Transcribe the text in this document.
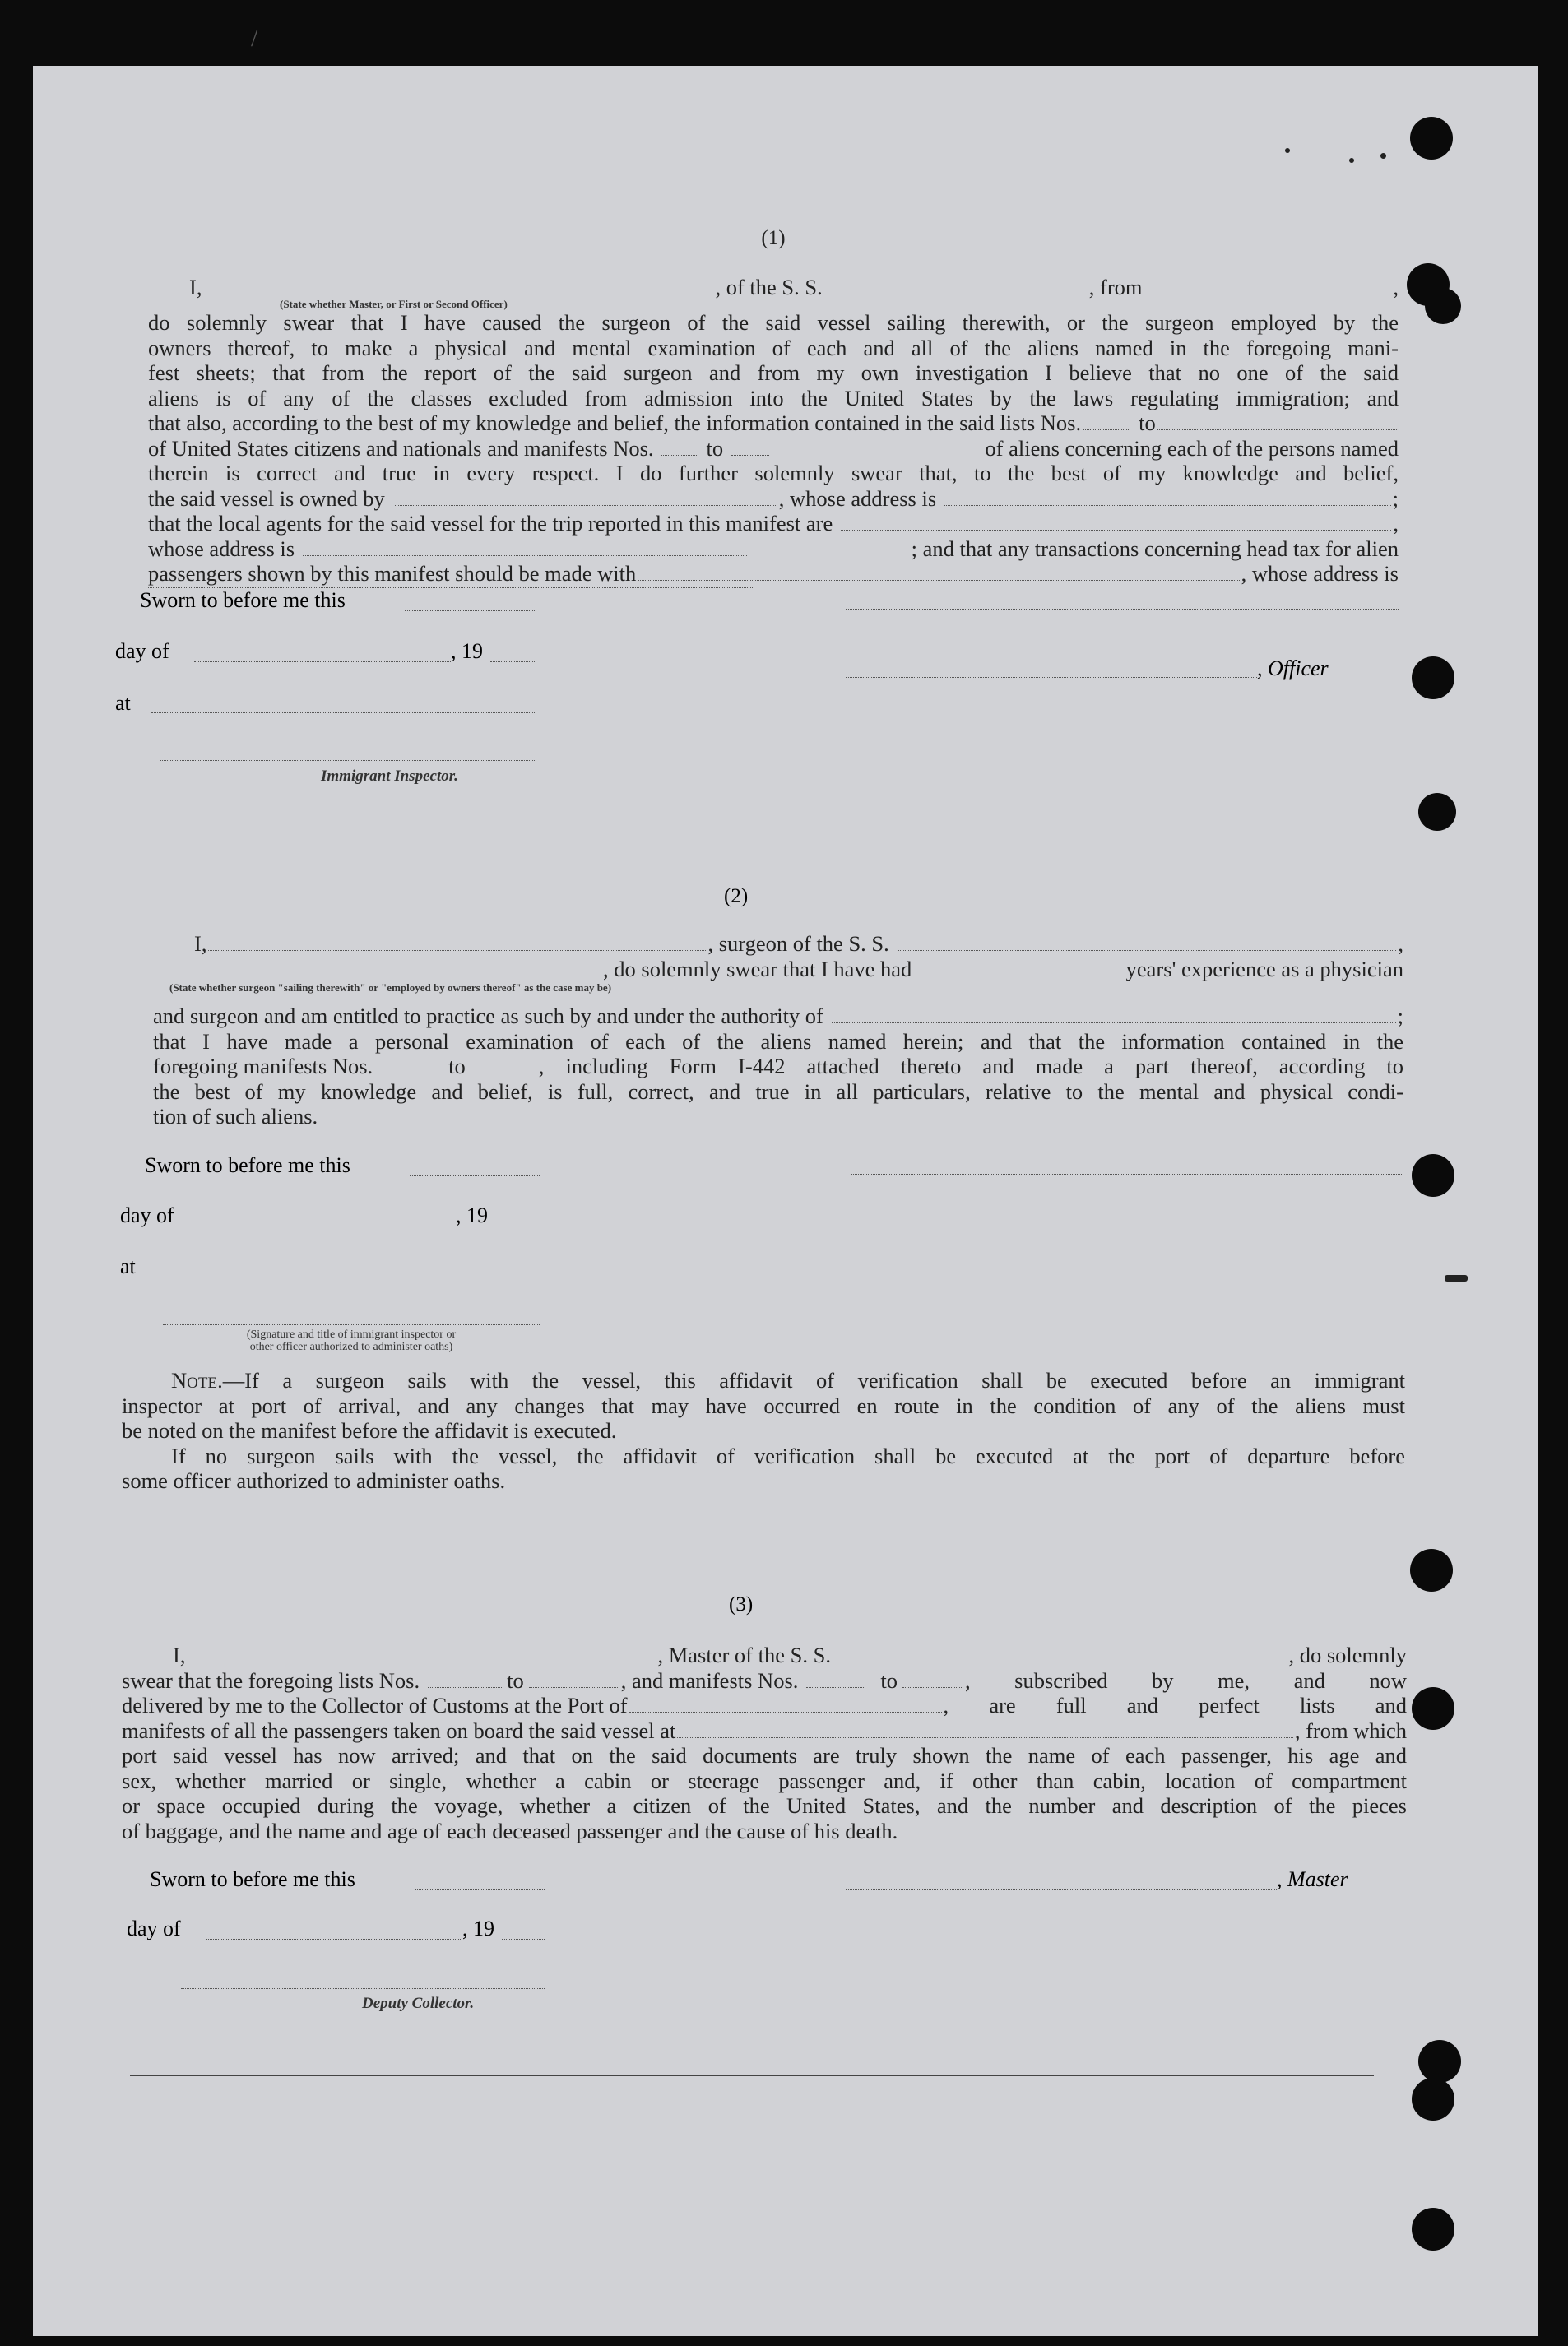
/
(1)
I,	, of the S. S.	, from	,
(State whether Master, or First or Second Officer)
do solemnly swear that I have caused the surgeon of the said vessel sailing therewith, or the surgeon employed by the
owners thereof, to make a physical and mental examination of each and all of the aliens named in the foregoing mani-
fest sheets; that from the report of the said surgeon and from my own investigation I believe that no one of the said
aliens is of any of the classes excluded from admission into the United States by the laws regulating immigration; and
that also, according to the best of my knowledge and belief, the information contained in the said lists Nos.	to
of United States citizens and nationals and manifests Nos. to	of aliens concerning each of the persons named
therein is correct and true in every respect. I do further solemnly swear that, to the best of my knowledge and belief,
the said vessel is owned by	, whose address is	;
that the local agents for the said vessel for the trip reported in this manifest are	,
whose address is	; and that any transactions concerning head tax for alien
passengers shown by this manifest should be made with	, whose address is
Sworn to before me this
day of	, 19
, Officer
at
Immigrant Inspector.
(2)
I,	, surgeon of the S. S.	,
, do solemnly swear that I have had	years' experience as a physician
(State whether surgeon "sailing therewith" or "employed by owners thereof" as the case may be)
and surgeon and am entitled to practice as such by and under the authority of	;
that I have made a personal examination of each of the aliens named herein; and that the information contained in the
foregoing manifests Nos.	to	, including Form I-442 attached thereto and made a part thereof, according to
the best of my knowledge and belief, is full, correct, and true in all particulars, relative to the mental and physical condi-
tion of such aliens.
Sworn to before me this
day of	, 19
at
(Signature and title of immigrant inspector or
other officer authorized to administer oaths)
Note.—If a surgeon sails with the vessel, this affidavit of verification shall be executed before an immigrant
inspector at port of arrival, and any changes that may have occurred en route in the condition of any of the aliens must
be noted on the manifest before the affidavit is executed.
If no surgeon sails with the vessel, the affidavit of verification shall be executed at the port of departure before
some officer authorized to administer oaths.
(3)
I,	, Master of the S. S.	, do solemnly
swear that the foregoing lists Nos.	to	, and manifests Nos.	to	, subscribed by me, and now
delivered by me to the Collector of Customs at the Port of	, are full and perfect lists and
manifests of all the passengers taken on board the said vessel at	, from which
port said vessel has now arrived; and that on the said documents are truly shown the name of each passenger, his age and
sex, whether married or single, whether a cabin or steerage passenger and, if other than cabin, location of compartment
or space occupied during the voyage, whether a citizen of the United States, and the number and description of the pieces
of baggage, and the name and age of each deceased passenger and the cause of his death.
Sworn to before me this	, Master
day of	, 19
Deputy Collector.
